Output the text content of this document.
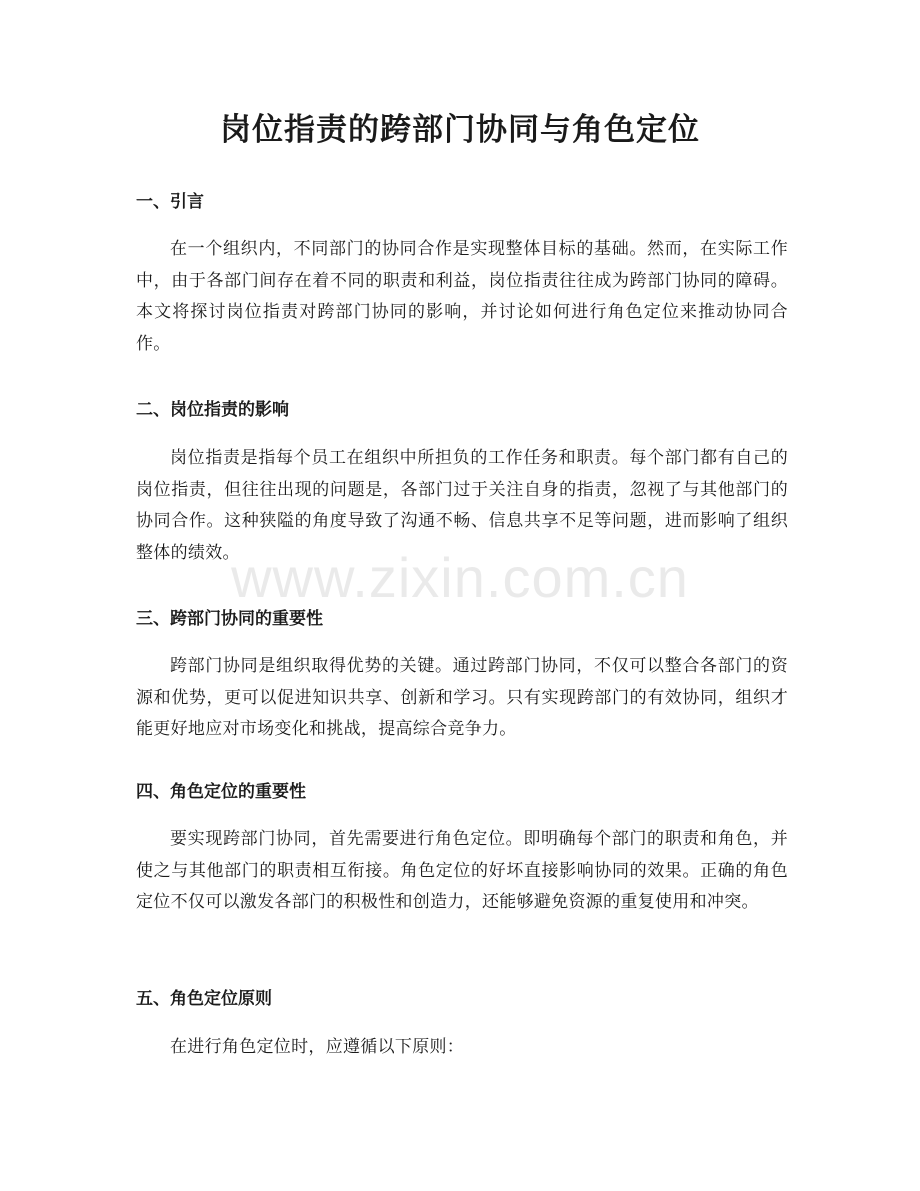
岗位指责的跨部门协同与角色定位
一、引言

在一个组织内，不同部门的协同合作是实现整体目标的基础。然而，在实际工作中，由于各部门间存在着不同的职责和利益，岗位指责往往成为跨部门协同的障碍。本文将探讨岗位指责对跨部门协同的影响，并讨论如何进行角色定位来推动协同合作。

二、岗位指责的影响

岗位指责是指每个员工在组织中所担负的工作任务和职责。每个部门都有自己的岗位指责，但往往出现的问题是，各部门过于关注自身的指责，忽视了与其他部门的协同合作。这种狭隘的角度导致了沟通不畅、信息共享不足等问题，进而影响了组织整体的绩效。

三、跨部门协同的重要性

跨部门协同是组织取得优势的关键。通过跨部门协同，不仅可以整合各部门的资源和优势，更可以促进知识共享、创新和学习。只有实现跨部门的有效协同，组织才能更好地应对市场变化和挑战，提高综合竞争力。

四、角色定位的重要性

要实现跨部门协同，首先需要进行角色定位。即明确每个部门的职责和角色，并使之与其他部门的职责相互衔接。角色定位的好坏直接影响协同的效果。正确的角色定位不仅可以激发各部门的积极性和创造力，还能够避免资源的重复使用和冲突。

五、角色定位原则

在进行角色定位时，应遵循以下原则：

www.zixin.com.cn
